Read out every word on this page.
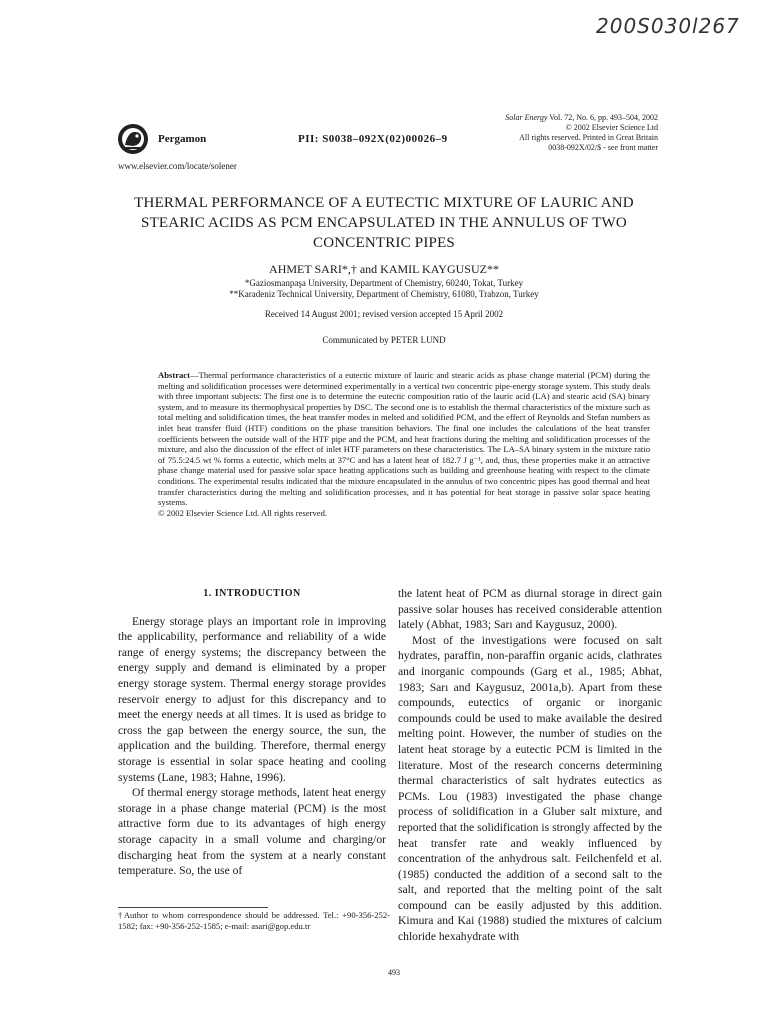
200S030l267
Solar Energy Vol. 72, No. 6, pp. 493–504, 2002
© 2002 Elsevier Science Ltd
All rights reserved. Printed in Great Britain
0038-092X/02/$ - see front matter
Pergamon	PII: S0038–092X(02)00026–9
www.elsevier.com/locate/solener
THERMAL PERFORMANCE OF A EUTECTIC MIXTURE OF LAURIC AND STEARIC ACIDS AS PCM ENCAPSULATED IN THE ANNULUS OF TWO CONCENTRIC PIPES
AHMET SARI*,† and KAMIL KAYGUSUZ**
*Gaziosmanpaşa University, Department of Chemistry, 60240, Tokat, Turkey
**Karadeniz Technical University, Department of Chemistry, 61080, Trabzon, Turkey
Received 14 August 2001; revised version accepted 15 April 2002
Communicated by PETER LUND
Abstract—Thermal performance characteristics of a eutectic mixture of lauric and stearic acids as phase change material (PCM) during the melting and solidification processes were determined experimentally in a vertical two concentric pipe-energy storage system. This study deals with three important subjects: The first one is to determine the eutectic composition ratio of the lauric acid (LA) and stearic acid (SA) binary system, and to measure its thermophysical properties by DSC. The second one is to establish the thermal characteristics of the mixture such as total melting and solidification times, the heat transfer modes in melted and solidified PCM, and the effect of Reynolds and Stefan numbers as inlet heat transfer fluid (HTF) conditions on the phase transition behaviors. The final one includes the calculations of the heat transfer coefficients between the outside wall of the HTF pipe and the PCM, and heat fractions during the melting and solidification processes of the mixture, and also the discussion of the effect of inlet HTF parameters on these characteristics. The LA–SA binary system in the mixture ratio of 75.5:24.5 wt % forms a eutectic, which melts at 37°C and has a latent heat of 182.7 J g⁻¹, and, thus, these properties make it an attractive phase change material used for passive solar space heating applications such as building and greenhouse heating with respect to the climate conditions. The experimental results indicated that the mixture encapsulated in the annulus of two concentric pipes has good thermal and heat transfer characteristics during the melting and solidification processes, and it has potential for heat storage in passive solar space heating systems.
© 2002 Elsevier Science Ltd. All rights reserved.
1. INTRODUCTION

Energy storage plays an important role in improving the applicability, performance and reliability of a wide range of energy systems; the discrepancy between the energy supply and demand is eliminated by a proper energy storage system. Thermal energy storage provides reservoir energy to adjust for this discrepancy and to meet the energy needs at all times. It is used as bridge to cross the gap between the energy source, the sun, the application and the building. Therefore, thermal energy storage is essential in solar space heating and cooling systems (Lane, 1983; Hahne, 1996).

Of thermal energy storage methods, latent heat energy storage in a phase change material (PCM) is the most attractive form due to its advantages of high energy storage capacity in a small volume and charging/or discharging heat from the system at a nearly constant temperature. So, the use of

the latent heat of PCM as diurnal storage in direct gain passive solar houses has received considerable attention lately (Abhat, 1983; Sarı and Kaygusuz, 2000).

Most of the investigations were focused on salt hydrates, paraffin, non-paraffin organic acids, clathrates and inorganic compounds (Garg et al., 1985; Abhat, 1983; Sarı and Kaygusuz, 2001a,b). Apart from these compounds, eutectics of organic or inorganic compounds could be used to make available the desired melting point. However, the number of studies on the latent heat storage by a eutectic PCM is limited in the literature. Most of the research concerns determining thermal characteristics of salt hydrates eutectics as PCMs. Lou (1983) investigated the phase change process of solidification in a Gluber salt mixture, and reported that the solidification is strongly affected by the heat transfer rate and weakly influenced by concentration of the anhydrous salt. Feilchenfeld et al. (1985) conducted the addition of a second salt to the salt, and reported that the melting point of the salt compound can be easily adjusted by this addition. Kimura and Kai (1988) studied the mixtures of calcium chloride hexahydrate with

†Author to whom correspondence should be addressed. Tel.: +90-356-252-1582; fax: +90-356-252-1585; e-mail: asari@gop.edu.tr
493
